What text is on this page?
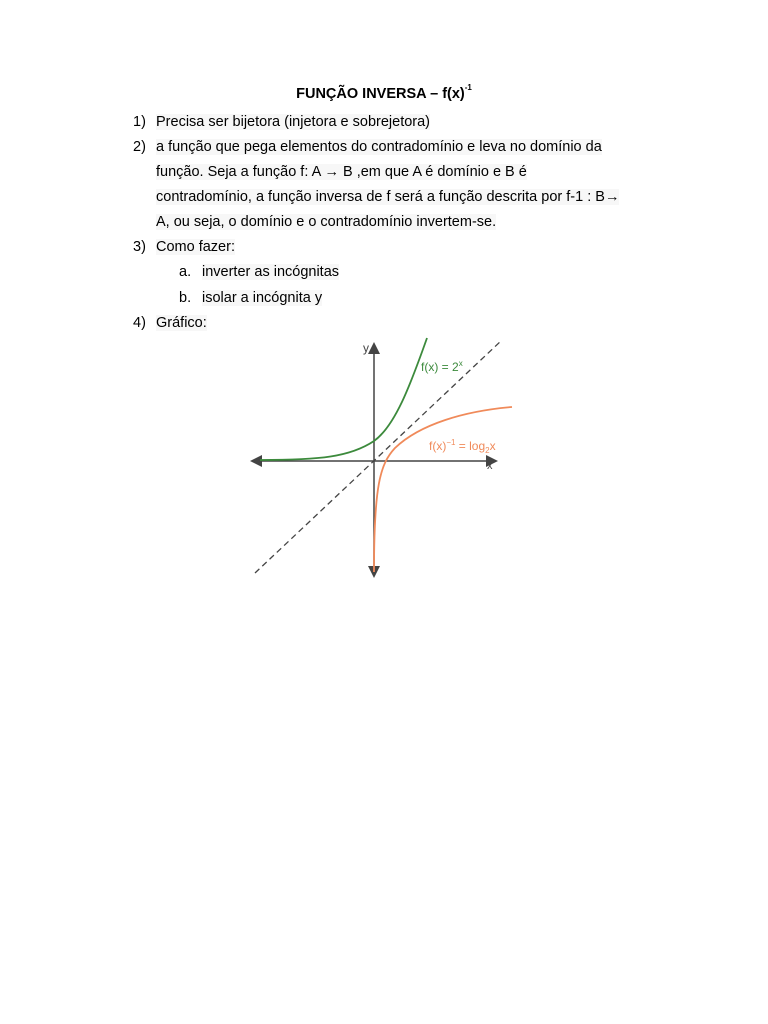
FUNÇÃO INVERSA – $f(x)^{-1}$
1) Precisa ser bijetora (injetora e sobrejetora)
2) a função que pega elementos do contradomínio e leva no domínio da
função. Seja a função f: A → B ,em que A é domínio e B é
contradomínio, a função inversa de f será a função descrita por f-1 : B→
A, ou seja, o domínio e o contradomínio invertem-se.
3) Como fazer:
a. inverter as incógnitas
b. isolar a incógnita y
4) Gráfico:
y
x
$f(x) = 2^x$
$f(x)^{-1} = \log_2x$
